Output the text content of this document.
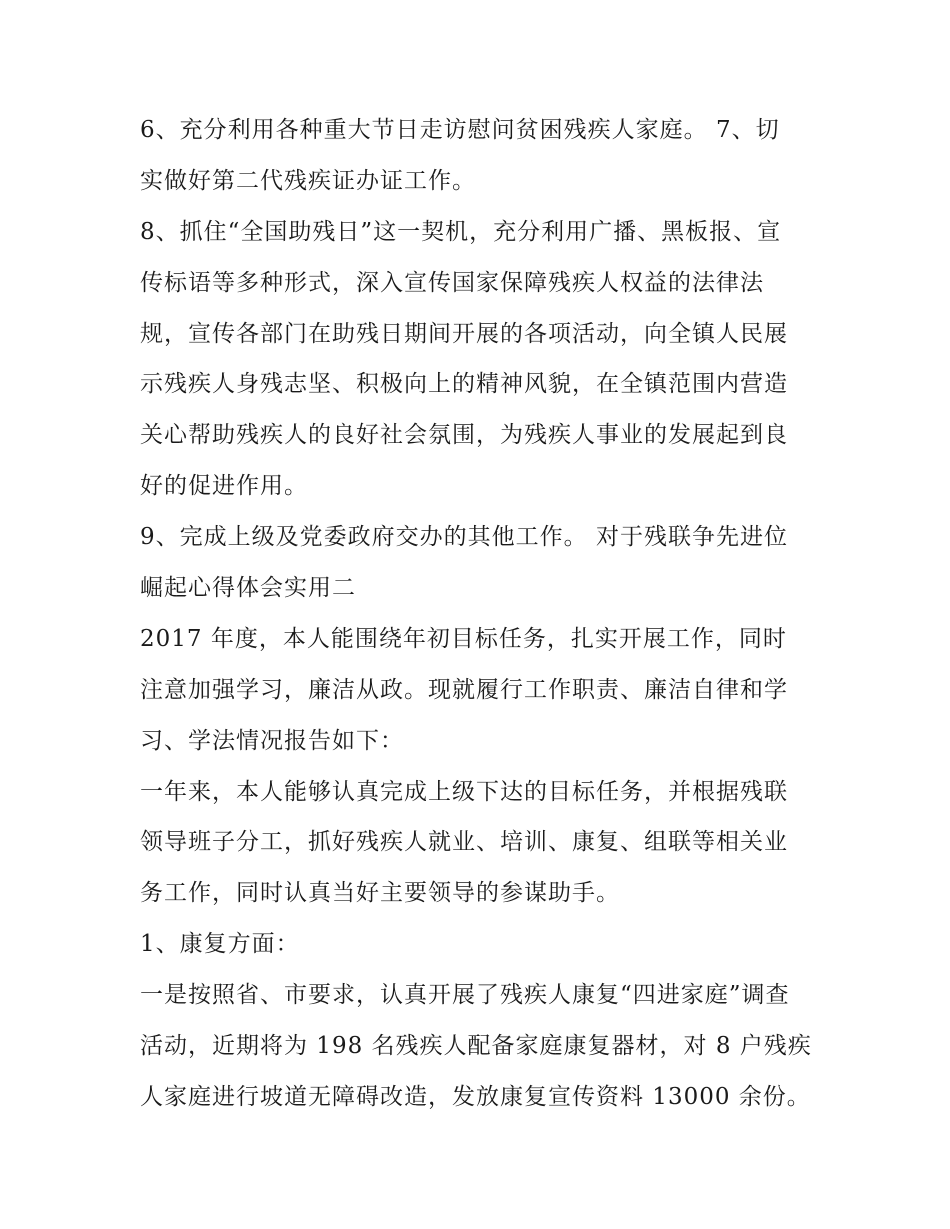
6、充分利用各种重大节日走访慰问贫困残疾人家庭。 7、切
实做好第二代残疾证办证工作。
8、抓住“全国助残日”这一契机，充分利用广播、黑板报、宣
传标语等多种形式，深入宣传国家保障残疾人权益的法律法
规，宣传各部门在助残日期间开展的各项活动，向全镇人民展
示残疾人身残志坚、积极向上的精神风貌，在全镇范围内营造
关心帮助残疾人的良好社会氛围，为残疾人事业的发展起到良
好的促进作用。
9、完成上级及党委政府交办的其他工作。 对于残联争先进位
崛起心得体会实用二
2017 年度，本人能围绕年初目标任务，扎实开展工作，同时
注意加强学习，廉洁从政。现就履行工作职责、廉洁自律和学
习、学法情况报告如下：
一年来，本人能够认真完成上级下达的目标任务，并根据残联
领导班子分工，抓好残疾人就业、培训、康复、组联等相关业
务工作，同时认真当好主要领导的参谋助手。
1、康复方面：
一是按照省、市要求，认真开展了残疾人康复“四进家庭”调查
活动，近期将为 198 名残疾人配备家庭康复器材，对 8 户残疾
人家庭进行坡道无障碍改造，发放康复宣传资料 13000 余份。
